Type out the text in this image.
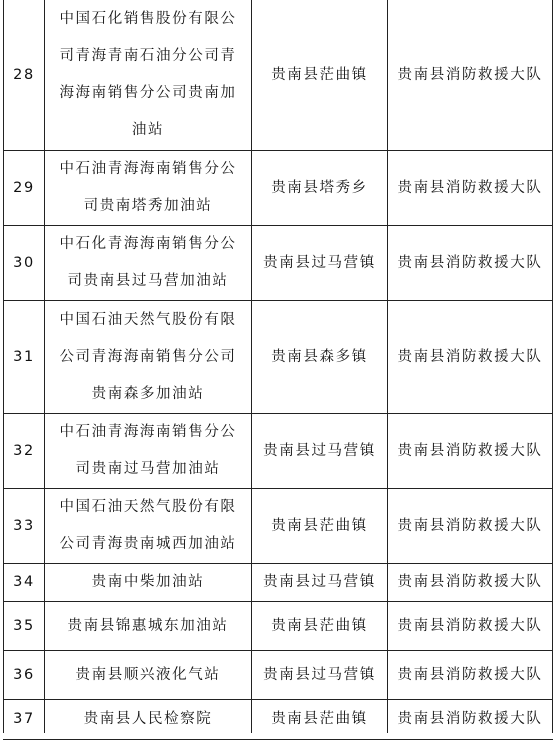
28	中国石化销售股份有限公
司青海青南石油分公司青
海海南销售分公司贵南加
油站	贵南县茫曲镇	贵南县消防救援大队
29	中石油青海海南销售分公
司贵南塔秀加油站	贵南县塔秀乡	贵南县消防救援大队
30	中石化青海海南销售分公
司贵南县过马营加油站	贵南县过马营镇	贵南县消防救援大队
31	中国石油天然气股份有限
公司青海海南销售分公司
贵南森多加油站	贵南县森多镇	贵南县消防救援大队
32	中石油青海海南销售分公
司贵南过马营加油站	贵南县过马营镇	贵南县消防救援大队
33	中国石油天然气股份有限
公司青海贵南城西加油站	贵南县茫曲镇	贵南县消防救援大队
34	贵南中柴加油站	贵南县过马营镇	贵南县消防救援大队
35	贵南县锦惠城东加油站	贵南县茫曲镇	贵南县消防救援大队
36	贵南县顺兴液化气站	贵南县过马营镇	贵南县消防救援大队
37	贵南县人民检察院	贵南县茫曲镇	贵南县消防救援大队
